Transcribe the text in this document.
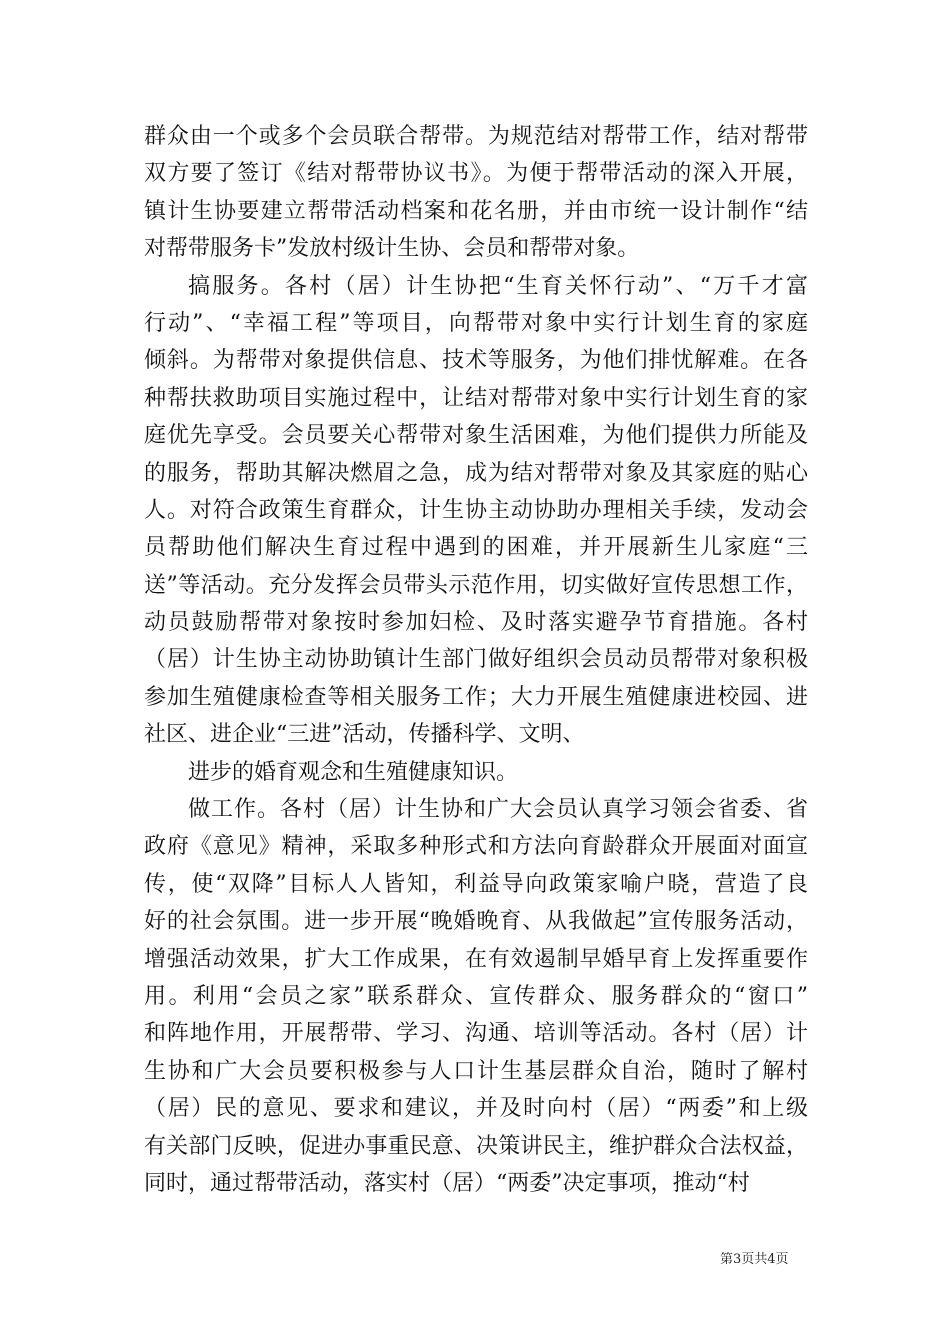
群众由一个或多个会员联合帮带。为规范结对帮带工作，结对帮带
双方要了签订《结对帮带协议书》。为便于帮带活动的深入开展，
镇计生协要建立帮带活动档案和花名册，并由市统一设计制作“结
对帮带服务卡”发放村级计生协、会员和帮带对象。
搞服务。各村（居）计生协把“生育关怀行动”、“万千才富
行动”、“幸福工程”等项目，向帮带对象中实行计划生育的家庭
倾斜。为帮带对象提供信息、技术等服务，为他们排忧解难。在各
种帮扶救助项目实施过程中，让结对帮带对象中实行计划生育的家
庭优先享受。会员要关心帮带对象生活困难，为他们提供力所能及
的服务，帮助其解决燃眉之急，成为结对帮带对象及其家庭的贴心
人。对符合政策生育群众，计生协主动协助办理相关手续，发动会
员帮助他们解决生育过程中遇到的困难，并开展新生儿家庭“三
送”等活动。充分发挥会员带头示范作用，切实做好宣传思想工作，
动员鼓励帮带对象按时参加妇检、及时落实避孕节育措施。各村
（居）计生协主动协助镇计生部门做好组织会员动员帮带对象积极
参加生殖健康检查等相关服务工作；大力开展生殖健康进校园、进
社区、进企业“三进”活动，传播科学、文明、
进步的婚育观念和生殖健康知识。
做工作。各村（居）计生协和广大会员认真学习领会省委、省
政府《意见》精神，采取多种形式和方法向育龄群众开展面对面宣
传，使“双降”目标人人皆知，利益导向政策家喻户晓，营造了良
好的社会氛围。进一步开展“晚婚晚育、从我做起”宣传服务活动，
增强活动效果，扩大工作成果，在有效遏制早婚早育上发挥重要作
用。利用“会员之家”联系群众、宣传群众、服务群众的“窗口”
和阵地作用，开展帮带、学习、沟通、培训等活动。各村（居）计
生协和广大会员要积极参与人口计生基层群众自治，随时了解村
（居）民的意见、要求和建议，并及时向村（居）“两委”和上级
有关部门反映，促进办事重民意、决策讲民主，维护群众合法权益，
同时，通过帮带活动，落实村（居）“两委”决定事项，推动“村
第3页共4页
